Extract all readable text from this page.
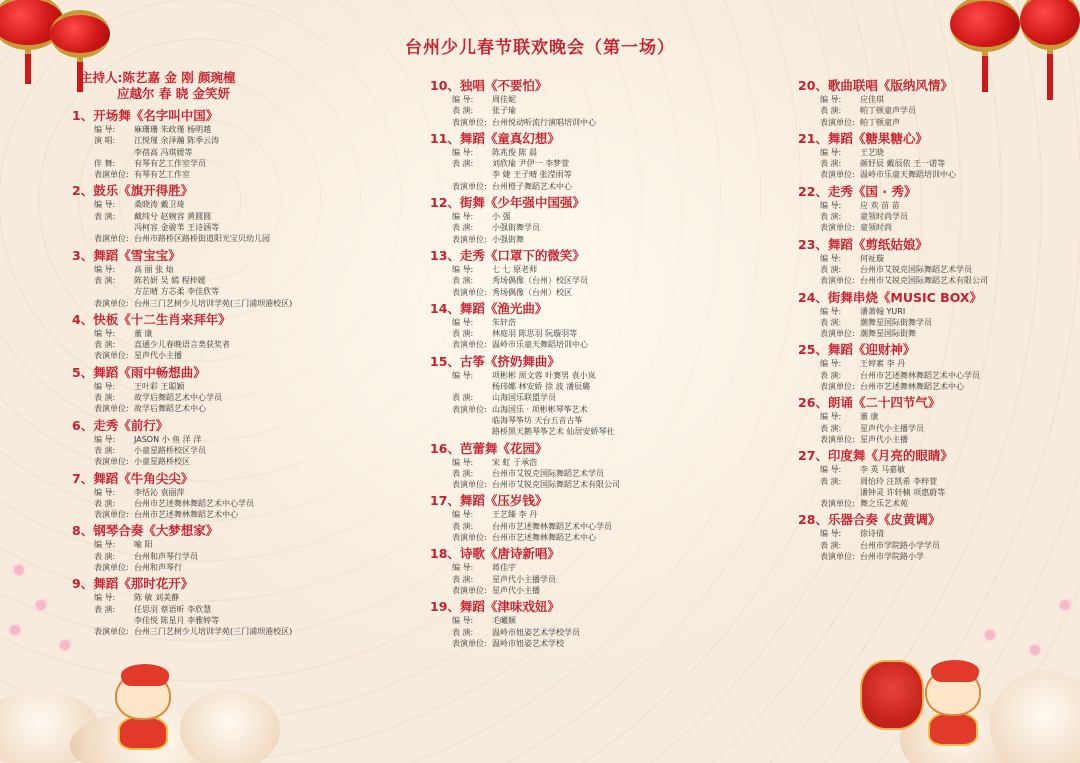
台州少儿春节联欢晚会（第一场）
主持人:陈艺嘉 金 刚 颜琬橦
应越尔 春 晓 金笑妍
1、开场舞《名字叫中国》
编 导: 麻珊珊 朱政瑾 杨明越
演 唱: 江悦瑾 余泽瀚 陈季云涛
李蓓高 冯琪媛等
伴 舞: 有琴有艺工作室学员
表演单位: 有琴有艺工作室
2、鼓乐《旗开得胜》
编 导: 桑晓涛 戴卫琦
表 演: 戴纯兮 赵婉容 黄圆圆
冯柯容 金骏苇 王诗涵等
表演单位: 台州市路桥区路桥街道阳光宝贝幼儿园
3、舞蹈《雪宝宝》
编 导: 高 丽 张 灿
表 演: 陈若妍 吴 嫣 程梓媛
方芷晴 方芯柔 李佳欣等
表演单位: 台州三门艺树少儿培训学苑(三门浦坝港校区)
4、快板《十二生肖来拜年》
编 导: 董 康
表 演: 直通少儿春晚语言类获奖者
表演单位: 星声代小主播
5、舞蹈《雨中畅想曲》
编 导: 王叶彩 王聪颖
表 演: 故学后舞蹈艺术中心学员
表演单位: 故学后舞蹈艺术中心
6、走秀《前行》
编 导: JASON 小 鱼 洋 洋
表 演: 小童星路桥校区学员
表演单位: 小童星路桥校区
7、舞蹈《牛角尖尖》
编 导: 李恬沁 袁丽萍
表 演: 台州市艺述舞林舞蹈艺术中心学员
表演单位: 台州市艺述舞林舞蹈艺术中心
8、钢琴合奏《大梦想家》
编 导: 喻 阳
表 演: 台州和声琴行学员
表演单位: 台州和声琴行
9、舞蹈《那时花开》
编 导: 陈 敏 刘美静
表 演: 任思羽 蔡语昕 李欣慧
李佳悦 陈星月 李雅婷等
表演单位: 台州三门艺树少儿培训学苑(三门浦坝港校区)
10、独唱《不要怕》
编 导: 周佳妮
表 演: 张子瑜
表演单位: 台州悦动听流行演唱培训中心
11、舞蹈《童真幻想》
编 导: 陈兆俊 陈 晨
表 演: 刘欣瑜 尹伊一 李梦萱
李 婕 王子晴 张滢雨等
表演单位: 台州橙子舞蹈艺术中心
12、街舞《少年强中国强》
编 导: 小 强
表 演: 小强街舞学员
表演单位: 小强街舞
13、走秀《口罩下的微笑》
编 导: 七 七 原老师
表 演: 秀场偶像（台州）校区学员
表演单位: 秀场偶像（台州）校区
14、舞蹈《渔光曲》
编 导: 朱轩浩
表 演: 林庭羽 陈思羽 阮璇羽等
表演单位: 温岭市乐童天舞蹈培训中心
15、古筝《挤奶舞曲》
编 导: 项彬彬 周文蓉 叶赛男 袁小岚
杨玮娜 林安娇 徐 波 潘辰璐
表 演: 山海国乐联盟学员
表演单位: 山海国乐 · 项彬彬琴筝艺术
临海琴筝坊 天台五音古筝
路桥黑天鹅琴筝艺术 仙居安娇琴社
16、芭蕾舞《花园》
编 导: 宋 虹 于承浩
表 演: 台州市艾锐克国际舞蹈艺术学员
表演单位: 台州市艾锐克国际舞蹈艺术有限公司
17、舞蹈《压岁钱》
编 导: 王艺臻 李 丹
表 演: 台州市艺述舞林舞蹈艺术中心学员
表演单位: 台州市艺述舞林舞蹈艺术中心
18、诗歌《唐诗新唱》
编 导: 蒋佳宇
表 演: 星声代小主播学员
表演单位: 星声代小主播
19、舞蹈《津味戏妞》
编 导: 毛曦颖
表 演: 温岭市妞姿艺术学校学员
表演单位: 温岭市妞姿艺术学校
20、歌曲联唱《版纳风情》
编 导: 应佳琪
表 演: 帕丁顿童声学员
表演单位: 帕丁顿童声
21、舞蹈《糖果糖心》
编 导: 王艺晓
表 演: 颜妤辰 戴辰依 王一诺等
表演单位: 温岭市乐童天舞蹈培训中心
22、走秀《国 · 秀》
编 导: 应 欢 苗 苗
表 演: 童领时尚学员
表演单位: 童领时尚
23、舞蹈《剪纸姑娘》
编 导: 何祉璇
表 演: 台州市艾锐克国际舞蹈艺术学员
表演单位: 台州市艾锐克国际舞蹈艺术有限公司
24、街舞串烧《MUSIC BOX》
编 导: 潘萧翰 YURI
表 演: 潮舞星国际街舞学员
表演单位: 潮舞星国际街舞
25、舞蹈《迎财神》
编 导: 王婷素 李 丹
表 演: 台州市艺述舞林舞蹈艺术中心学员
表演单位: 台州市艺述舞林舞蹈艺术中心
26、朗诵《二十四节气》
编 导: 董 康
表 演: 星声代小主播学员
表演单位: 星声代小主播
27、印度舞《月亮的眼睛》
编 导: 李 英 马嘉敏
表 演: 周怡玲 汪凯希 李梓萱
潘钟灵 许轩楠 项惠蔚等
表演单位: 舞之乐艺术苑
28、乐器合奏《皮黄调》
编 导: 徐诗倩
表 演: 台州市学院路小学学员
表演单位: 台州市学院路小学
